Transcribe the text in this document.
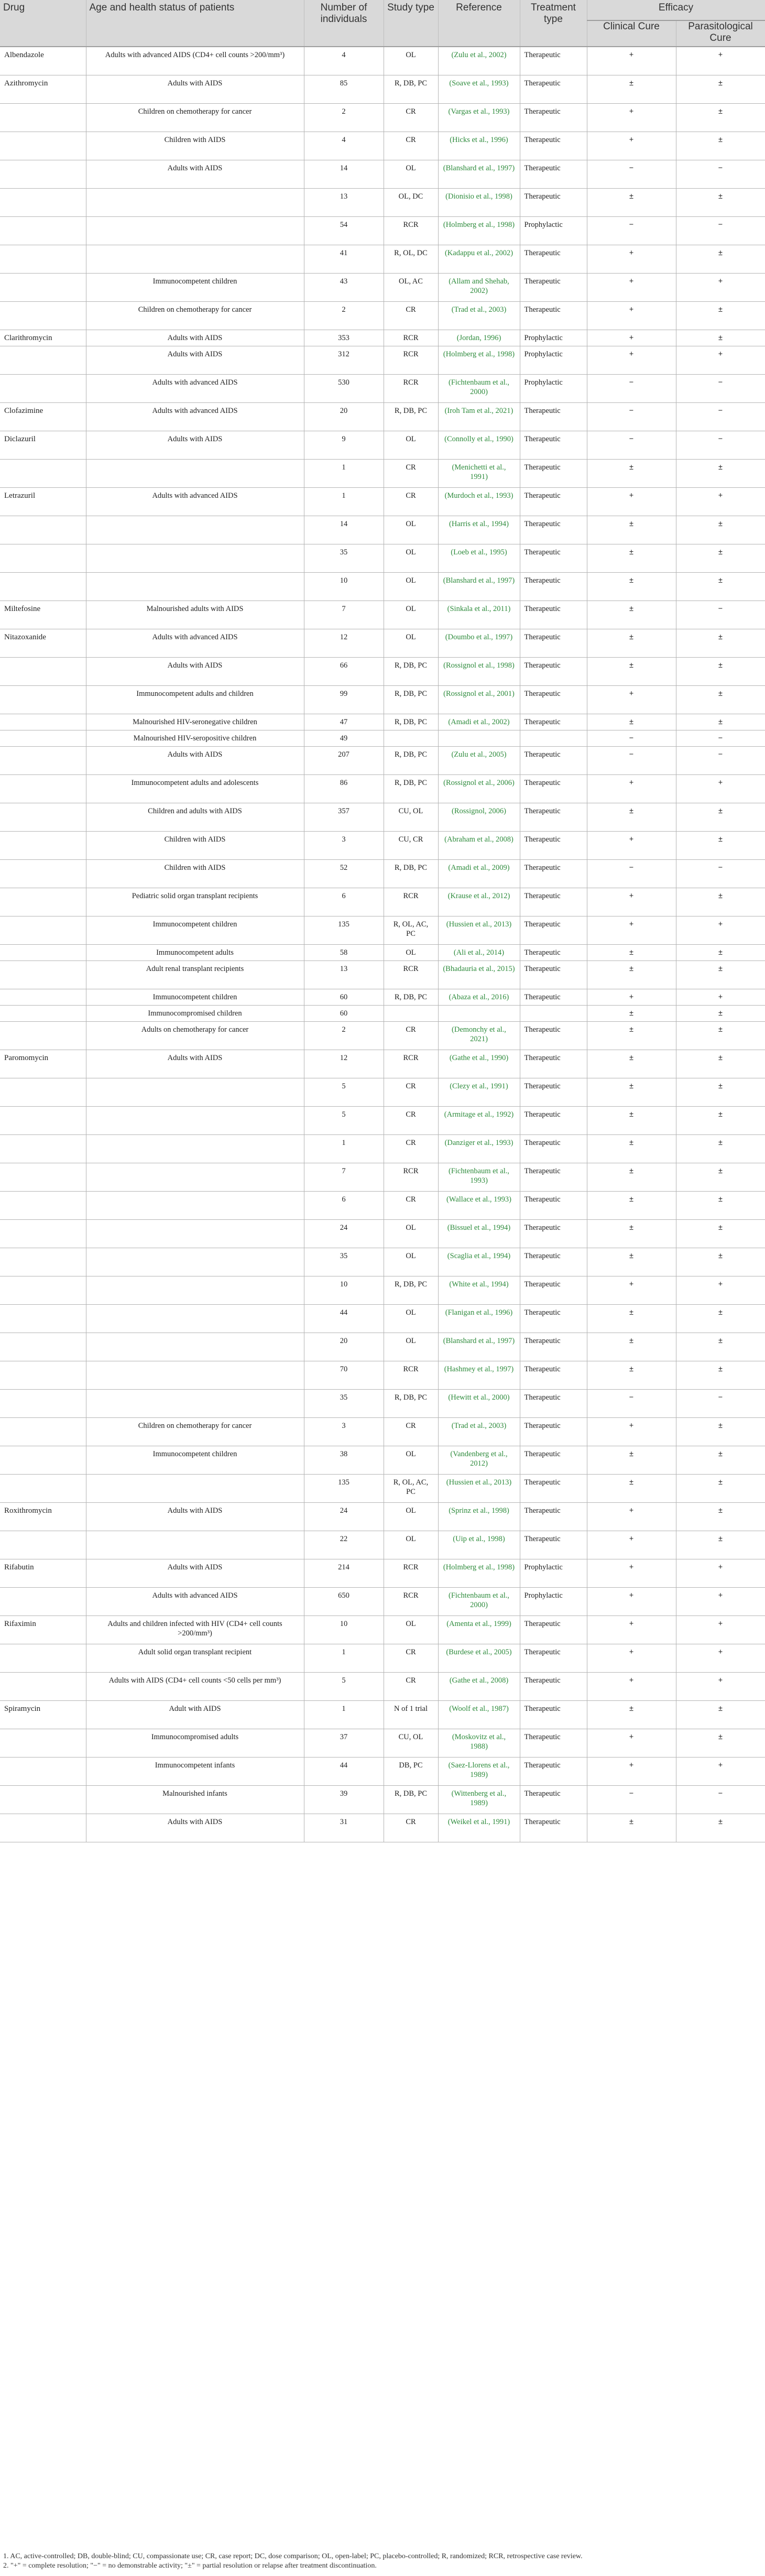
Drug	Age and health status of patients	Number of individuals	Study type	Reference	Treatment type	Efficacy	
						Clinical Cure	Parasitological Cure
Albendazole	Adults with advanced AIDS (CD4+ cell counts >200/mm³)	4	OL	(Zulu et al., 2002)	Therapeutic	+	+
Azithromycin	Adults with AIDS	85	R, DB, PC	(Soave et al., 1993)	Therapeutic	±	±
	Children on chemotherapy for cancer	2	CR	(Vargas et al., 1993)	Therapeutic	+	±
	Children with AIDS	4	CR	(Hicks et al., 1996)	Therapeutic	+	±
	Adults with AIDS	14	OL	(Blanshard et al., 1997)	Therapeutic	−	−
		13	OL, DC	(Dionisio et al., 1998)	Therapeutic	±	±
		54	RCR	(Holmberg et al., 1998)	Prophylactic	−	−
		41	R, OL, DC	(Kadappu et al., 2002)	Therapeutic	+	±
	Immunocompetent children	43	OL, AC	(Allam and Shehab, 2002)	Therapeutic	+	+
	Children on chemotherapy for cancer	2	CR	(Trad et al., 2003)	Therapeutic	+	±
Clarithromycin	Adults with AIDS	353	RCR	(Jordan, 1996)	Prophylactic	+	±
	Adults with AIDS	312	RCR	(Holmberg et al., 1998)	Prophylactic	+	+
	Adults with advanced AIDS	530	RCR	(Fichtenbaum et al., 2000)	Prophylactic	−	−
Clofazimine	Adults with advanced AIDS	20	R, DB, PC	(Iroh Tam et al., 2021)	Therapeutic	−	−
Diclazuril	Adults with AIDS	9	OL	(Connolly et al., 1990)	Therapeutic	−	−
		1	CR	(Menichetti et al., 1991)	Therapeutic	±	±
Letrazuril	Adults with advanced AIDS	1	CR	(Murdoch et al., 1993)	Therapeutic	+	+
		14	OL	(Harris et al., 1994)	Therapeutic	±	±
		35	OL	(Loeb et al., 1995)	Therapeutic	±	±
		10	OL	(Blanshard et al., 1997)	Therapeutic	±	±
Miltefosine	Malnourished adults with AIDS	7	OL	(Sinkala et al., 2011)	Therapeutic	±	−
Nitazoxanide	Adults with advanced AIDS	12	OL	(Doumbo et al., 1997)	Therapeutic	±	±
	Adults with AIDS	66	R, DB, PC	(Rossignol et al., 1998)	Therapeutic	±	±
	Immunocompetent adults and children	99	R, DB, PC	(Rossignol et al., 2001)	Therapeutic	+	±
	Malnourished HIV-seronegative children	47	R, DB, PC	(Amadi et al., 2002)	Therapeutic	±	±
	Malnourished HIV-seropositive children	49				−	−
	Adults with AIDS	207	R, DB, PC	(Zulu et al., 2005)	Therapeutic	−	−
	Immunocompetent adults and adolescents	86	R, DB, PC	(Rossignol et al., 2006)	Therapeutic	+	+
	Children and adults with AIDS	357	CU, OL	(Rossignol, 2006)	Therapeutic	±	±
	Children with AIDS	3	CU, CR	(Abraham et al., 2008)	Therapeutic	+	±
	Children with AIDS	52	R, DB, PC	(Amadi et al., 2009)	Therapeutic	−	−
	Pediatric solid organ transplant recipients	6	RCR	(Krause et al., 2012)	Therapeutic	+	±
	Immunocompetent children	135	R, OL, AC, PC	(Hussien et al., 2013)	Therapeutic	+	+
	Immunocompetent adults	58	OL	(Ali et al., 2014)	Therapeutic	±	±
	Adult renal transplant recipients	13	RCR	(Bhadauria et al., 2015)	Therapeutic	±	±
	Immunocompetent children	60	R, DB, PC	(Abaza et al., 2016)	Therapeutic	+	+
	Immunocompromised children	60				±	±
	Adults on chemotherapy for cancer	2	CR	(Demonchy et al., 2021)	Therapeutic	±	±
Paromomycin	Adults with AIDS	12	RCR	(Gathe et al., 1990)	Therapeutic	±	±
		5	CR	(Clezy et al., 1991)	Therapeutic	±	±
		5	CR	(Armitage et al., 1992)	Therapeutic	±	±
		1	CR	(Danziger et al., 1993)	Therapeutic	±	±
		7	RCR	(Fichtenbaum et al., 1993)	Therapeutic	±	±
		6	CR	(Wallace et al., 1993)	Therapeutic	±	±
		24	OL	(Bissuel et al., 1994)	Therapeutic	±	±
		35	OL	(Scaglia et al., 1994)	Therapeutic	±	±
		10	R, DB, PC	(White et al., 1994)	Therapeutic	+	+
		44	OL	(Flanigan et al., 1996)	Therapeutic	±	±
		20	OL	(Blanshard et al., 1997)	Therapeutic	±	±
		70	RCR	(Hashmey et al., 1997)	Therapeutic	±	±
		35	R, DB, PC	(Hewitt et al., 2000)	Therapeutic	−	−
	Children on chemotherapy for cancer	3	CR	(Trad et al., 2003)	Therapeutic	+	±
	Immunocompetent children	38	OL	(Vandenberg et al., 2012)	Therapeutic	±	±
		135	R, OL, AC, PC	(Hussien et al., 2013)	Therapeutic	±	±
Roxithromycin	Adults with AIDS	24	OL	(Sprinz et al., 1998)	Therapeutic	+	±
		22	OL	(Uip et al., 1998)	Therapeutic	+	±
Rifabutin	Adults with AIDS	214	RCR	(Holmberg et al., 1998)	Prophylactic	+	+
	Adults with advanced AIDS	650	RCR	(Fichtenbaum et al., 2000)	Prophylactic	+	+
Rifaximin	Adults and children infected with HIV (CD4+ cell counts >200/mm³)	10	OL	(Amenta et al., 1999)	Therapeutic	+	+
	Adult solid organ transplant recipient	1	CR	(Burdese et al., 2005)	Therapeutic	+	+
	Adults with AIDS (CD4+ cell counts <50 cells per mm³)	5	CR	(Gathe et al., 2008)	Therapeutic	+	+
Spiramycin	Adult with AIDS	1	N of 1 trial	(Woolf et al., 1987)	Therapeutic	±	±
	Immunocompromised adults	37	CU, OL	(Moskovitz et al., 1988)	Therapeutic	+	±
	Immunocompetent infants	44	DB, PC	(Saez-Llorens et al., 1989)	Therapeutic	+	+
	Malnourished infants	39	R, DB, PC	(Wittenberg et al., 1989)	Therapeutic	−	−
	Adults with AIDS	31	CR	(Weikel et al., 1991)	Therapeutic	±	±

1. AC, active-controlled; DB, double-blind; CU, compassionate use; CR, case report; DC, dose comparison; OL, open-label; PC, placebo-controlled; R, randomized; RCR, retrospective case review.

2. "+" = complete resolution; "−" = no demonstrable activity; "±" = partial resolution or relapse after treatment discontinuation.
